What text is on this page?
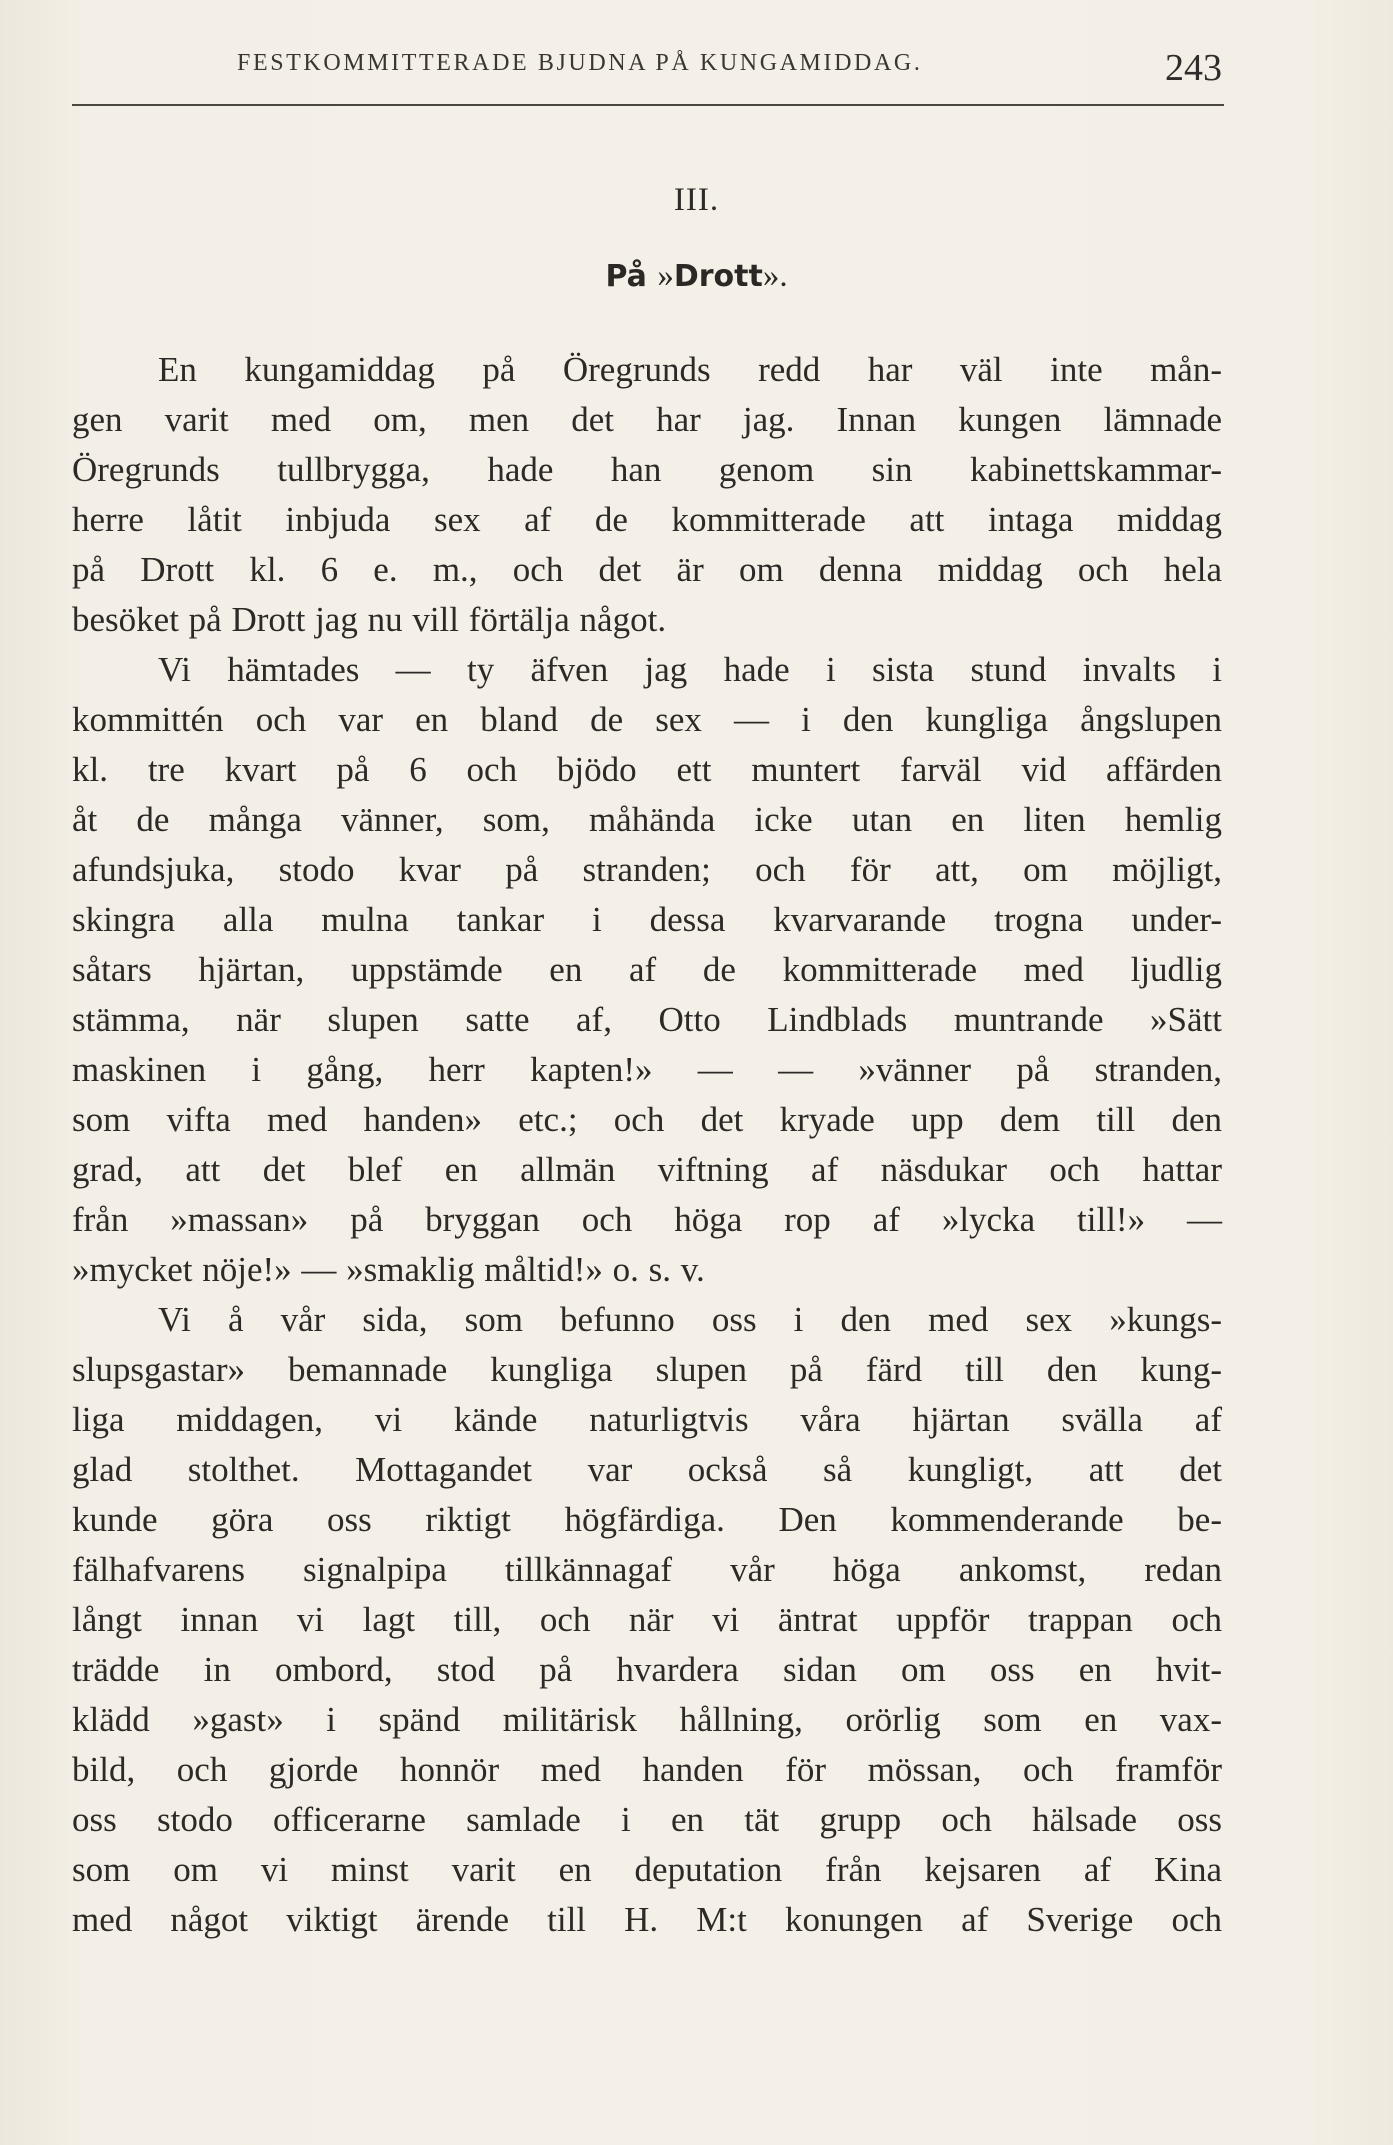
FESTKOMMITTERADE BJUDNA PÅ KUNGAMIDDAG.	243
III.
På »Drott».
En kungamiddag på Öregrunds redd har väl inte mån-
gen varit med om, men det har jag. Innan kungen lämnade
Öregrunds tullbrygga, hade han genom sin kabinettskammar-
herre låtit inbjuda sex af de kommitterade att intaga middag
på Drott kl. 6 e. m., och det är om denna middag och hela
besöket på Drott jag nu vill förtälja något.
Vi hämtades — ty äfven jag hade i sista stund invalts i
kommittén och var en bland de sex — i den kungliga ångslupen
kl. tre kvart på 6 och bjödo ett muntert farväl vid affärden
åt de många vänner, som, måhända icke utan en liten hemlig
afundsjuka, stodo kvar på stranden; och för att, om möjligt,
skingra alla mulna tankar i dessa kvarvarande trogna under-
såtars hjärtan, uppstämde en af de kommitterade med ljudlig
stämma, när slupen satte af, Otto Lindblads muntrande »Sätt
maskinen i gång, herr kapten!» — — »vänner på stranden,
som vifta med handen» etc.; och det kryade upp dem till den
grad, att det blef en allmän viftning af näsdukar och hattar
från »massan» på bryggan och höga rop af »lycka till!» —
»mycket nöje!» — »smaklig måltid!» o. s. v.
Vi å vår sida, som befunno oss i den med sex »kungs-
slupsgastar» bemannade kungliga slupen på färd till den kung-
liga middagen, vi kände naturligtvis våra hjärtan svälla af
glad stolthet. Mottagandet var också så kungligt, att det
kunde göra oss riktigt högfärdiga. Den kommenderande be-
fälhafvarens signalpipa tillkännagaf vår höga ankomst, redan
långt innan vi lagt till, och när vi äntrat uppför trappan och
trädde in ombord, stod på hvardera sidan om oss en hvit-
klädd »gast» i spänd militärisk hållning, orörlig som en vax-
bild, och gjorde honnör med handen för mössan, och framför
oss stodo officerarne samlade i en tät grupp och hälsade oss
som om vi minst varit en deputation från kejsaren af Kina
med något viktigt ärende till H. M:t konungen af Sverige och
